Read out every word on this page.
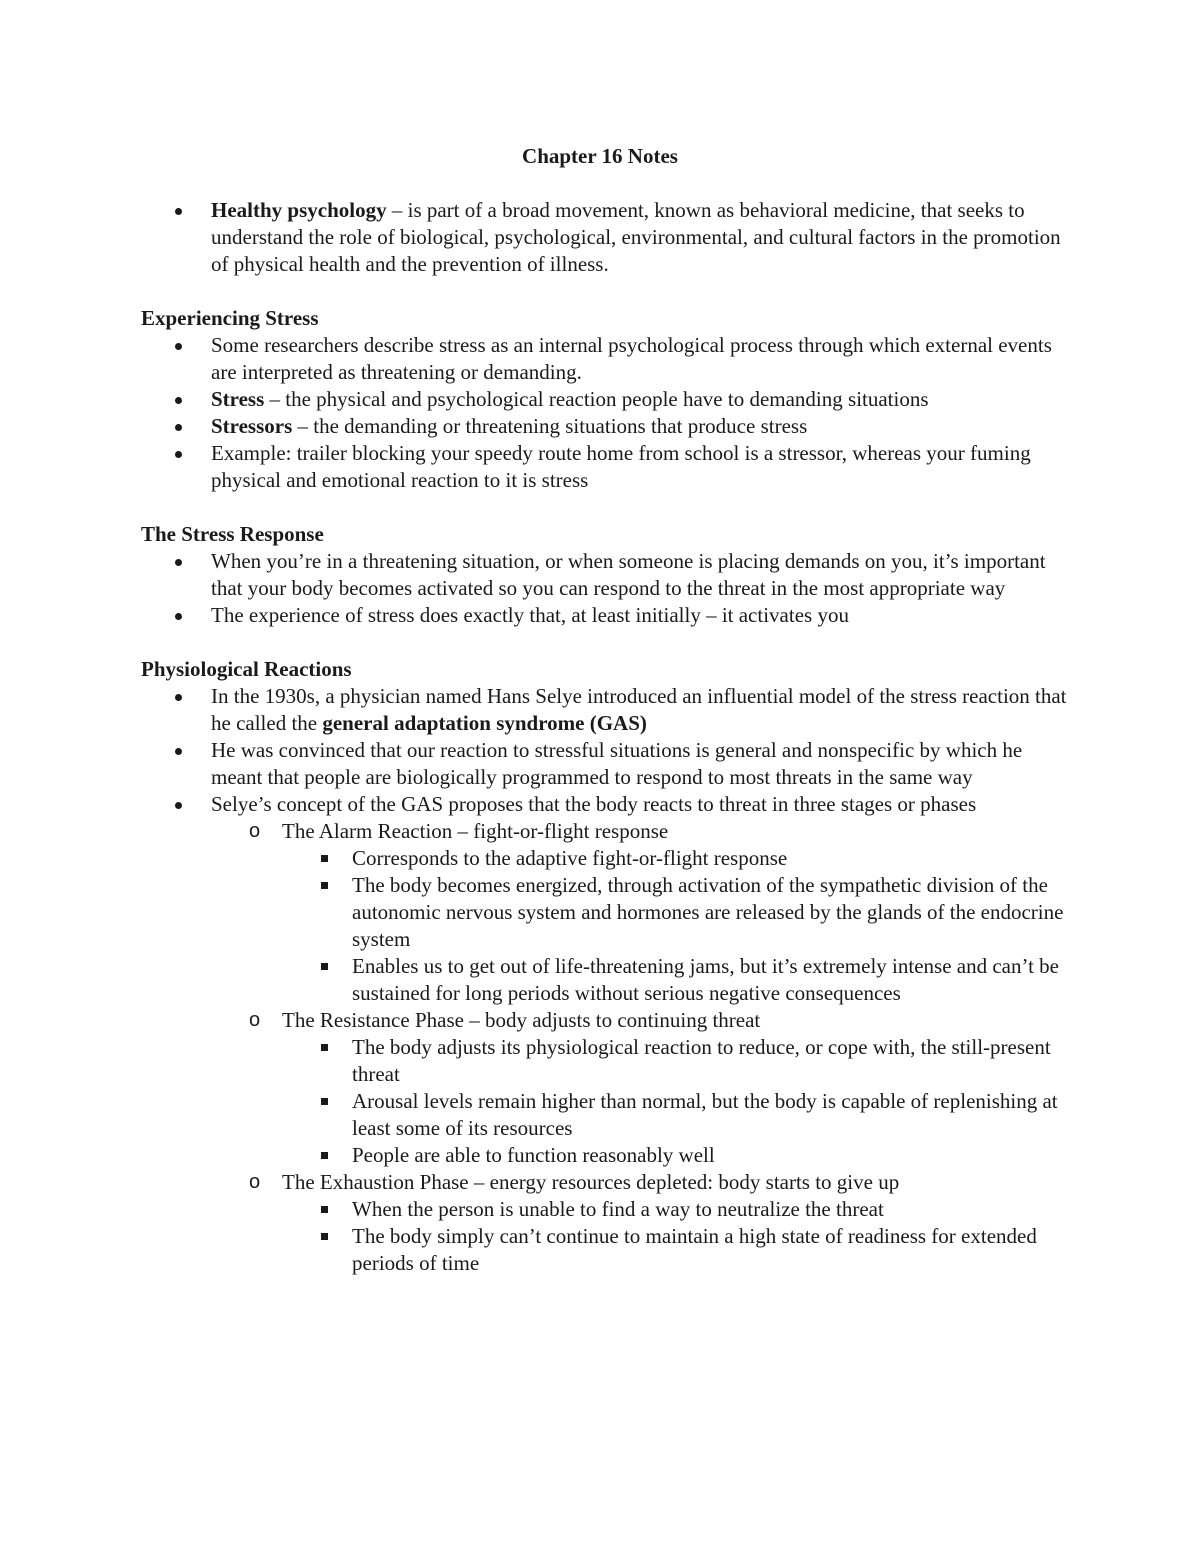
Chapter 16 Notes
Healthy psychology – is part of a broad movement, known as behavioral medicine, that seeks to understand the role of biological, psychological, environmental, and cultural factors in the promotion of physical health and the prevention of illness.
Experiencing Stress
Some researchers describe stress as an internal psychological process through which external events are interpreted as threatening or demanding.
Stress – the physical and psychological reaction people have to demanding situations
Stressors – the demanding or threatening situations that produce stress
Example: trailer blocking your speedy route home from school is a stressor, whereas your fuming physical and emotional reaction to it is stress
The Stress Response
When you’re in a threatening situation, or when someone is placing demands on you, it’s important that your body becomes activated so you can respond to the threat in the most appropriate way
The experience of stress does exactly that, at least initially – it activates you
Physiological Reactions
In the 1930s, a physician named Hans Selye introduced an influential model of the stress reaction that he called the general adaptation syndrome (GAS)
He was convinced that our reaction to stressful situations is general and nonspecific by which he meant that people are biologically programmed to respond to most threats in the same way
Selye’s concept of the GAS proposes that the body reacts to threat in three stages or phases
o The Alarm Reaction – fight-or-flight response
Corresponds to the adaptive fight-or-flight response
The body becomes energized, through activation of the sympathetic division of the autonomic nervous system and hormones are released by the glands of the endocrine system
Enables us to get out of life-threatening jams, but it’s extremely intense and can’t be sustained for long periods without serious negative consequences
o The Resistance Phase – body adjusts to continuing threat
The body adjusts its physiological reaction to reduce, or cope with, the still-present threat
Arousal levels remain higher than normal, but the body is capable of replenishing at least some of its resources
People are able to function reasonably well
o The Exhaustion Phase – energy resources depleted: body starts to give up
When the person is unable to find a way to neutralize the threat
The body simply can’t continue to maintain a high state of readiness for extended periods of time
